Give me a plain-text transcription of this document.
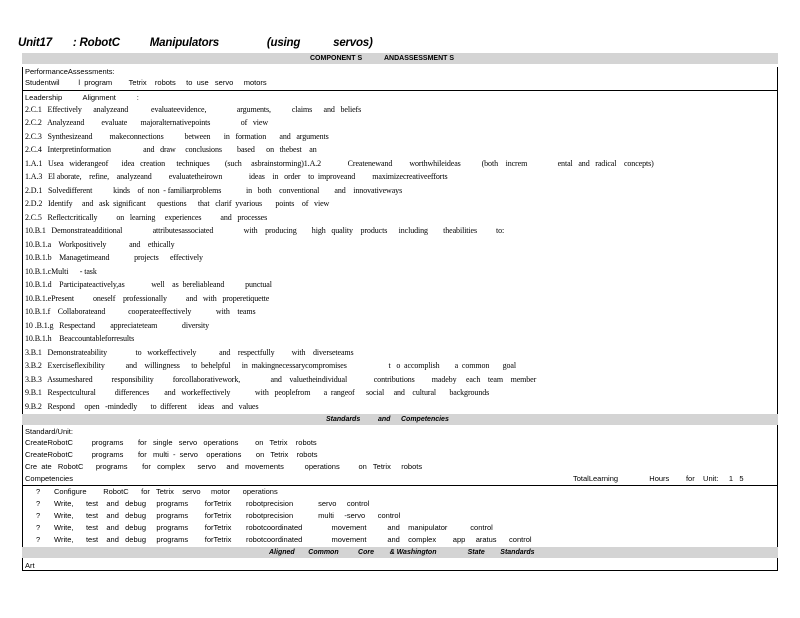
Unit17       : RobotC          Manipulators                (using           servos)
COMPONENT S	ANDASSESSMENT S
PerformanceAssessments:
Studentwil         l  program        Tetrix    robots     to  use   servo     motors
Leadership          Alignment          :
2.C.1   Effectively      analyzeand            evaluateevidence,                arguments,           claims      and   beliefs
2.C.2   Analyzeand         evaluate       majoralternativepoints                of   view
2.C.3   Synthesizeand         makeconnections           between       in   formation       and   arguments
2.C.4   Interpretinformation                 and   draw     conclusions        based      on   thebest    an
1.A.1   Usea   widerangeof       idea   creation      techniques        (such     asbrainstorming)1.A.2              Createnewand         worthwhileideas           (both    increm                ental   and   radical    concepts)
1.A.3   El aborate,    refine,    analyzeand         evaluatetheirown              ideas    in   order    to  improveand         maximizecreativeefforts
2.D.1   Solvedifferent           kinds    of  non  - familiarproblems             in   both    conventional        and    innovativeways
2.D.2   Identify     and   ask  significant      questions      that   clarif  yvarious       points    of   view
2.C.5   Reflectcritically          on   learning     experiences          and   processes
10.B.1   Demonstrateadditional                attributesassociated                with    producing        high   quality    products      including        theabilities          to:
10.B.1.a    Workpositively            and    ethically
10.B.1.b    Managetimeand             projects      effectively
10.B.1.cMulti      - task
10.B.1.d    Participateactively,as              well    as  bereliableand           punctual
10.B.1.ePresent          oneself    professionally          and   with   properetiquette
10.B.1.f    Collaborateand            cooperateeffectively             with    teams
10 .B.1.g   Respectand        appreciateteam             diversity
10.B.1.h    Beaccountableforresults
3.B.1   Demonstrateability               to   workeffectively            and    respectfully         with    diverseteams
3.B.2   Exerciseflexibility           and    willingness      to  behelpful      in  makingnecessarycompromises                      t   o  accomplish        a  common       goal
3.B.3   Assumeshared          responsibility          forcollaborativework,                and    valuetheindividual              contributions         madeby     each    team    member
9.B.1   Respectcultural          differences        and   workeffectively             with   peoplefrom       a  rangeof      social     and    cultural       backgrounds
9.B.2   Respond     open   -mindedly       to  different      ideas    and   values
Standards	and Competencies
Standard/Unit:
CreateRobotC         programs       for   single   servo   operations        on   Tetrix    robots
CreateRobotC         programs       for   multi  -  servo    operations       on   Tetrix    robots
Cre  ate   RobotC      programs       for   complex      servo     and   movements          operations         on   Tetrix     robots
Competencies	TotalLearning               Hours        for    Unit:     1   5
? Configure        RobotC      for   Tetrix    servo     motor      operations
? Write,      test    and   debug     programs        forTetrix       robotprecision            servo     control
? Write,      test    and   debug     programs        forTetrix       robotprecision            multi     -servo      control
? Write,      test    and   debug     programs        forTetrix       robotcoordinated              movement          and    manipulator           control
? Write,      test    and   debug     programs        forTetrix       robotcoordinated              movement          and    complex        app     aratus      control
Aligned       Common          Core        & Washington                State        Standards
Art
